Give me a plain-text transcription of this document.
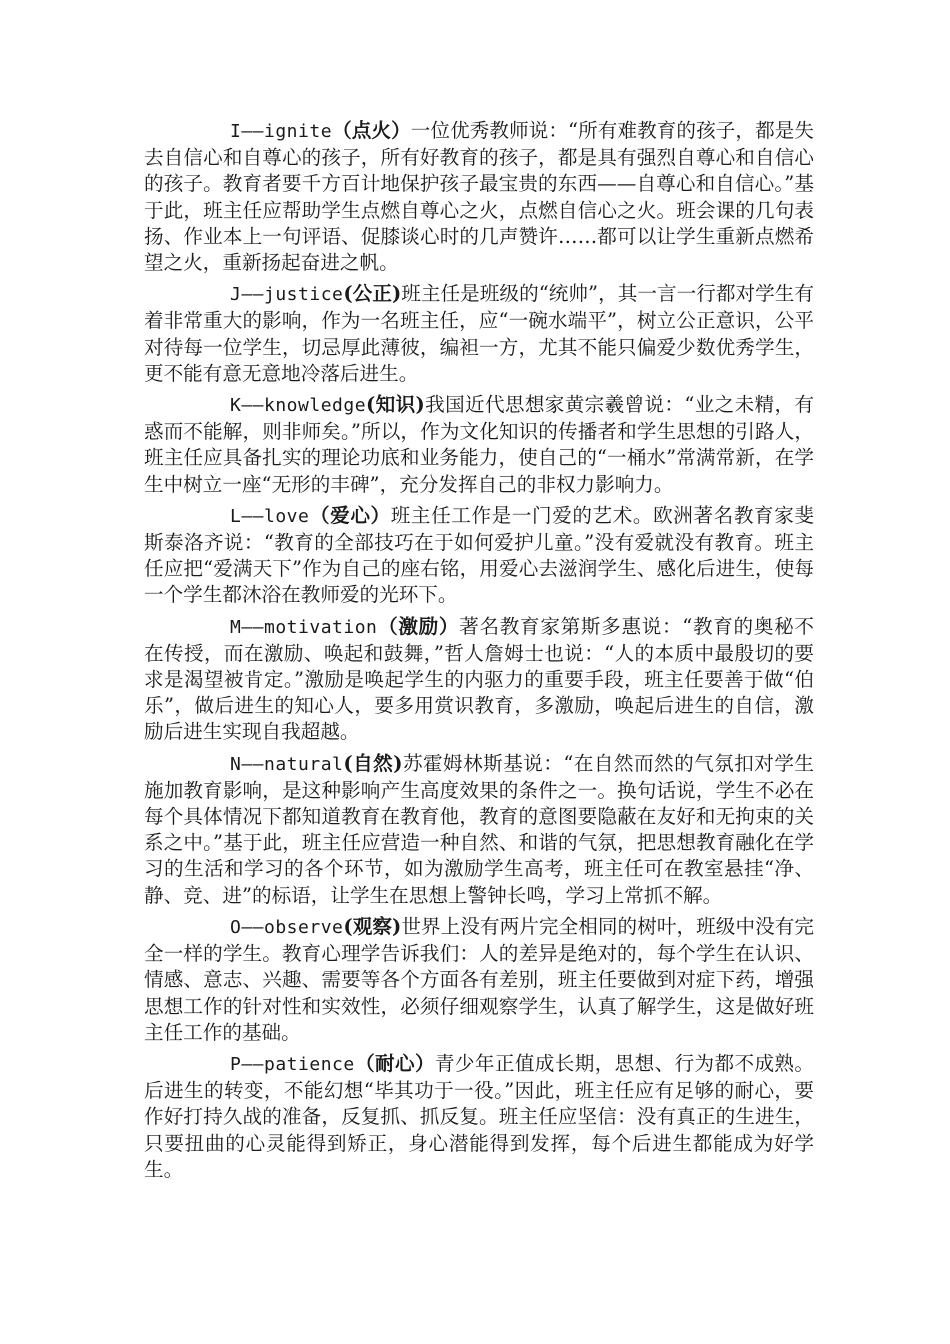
I——ignite（点火）一位优秀教师说：“所有难教育的孩子，都是失去自信心和自尊心的孩子，所有好教育的孩子，都是具有强烈自尊心和自信心的孩子。教育者要千方百计地保护孩子最宝贵的东西——自尊心和自信心。”基于此，班主任应帮助学生点燃自尊心之火，点燃自信心之火。班会课的几句表扬、作业本上一句评语、促膝谈心时的几声赞许……都可以让学生重新点燃希望之火，重新扬起奋进之帆。

J——justice(公正)班主任是班级的“统帅”，其一言一行都对学生有着非常重大的影响，作为一名班主任，应“一碗水端平”，树立公正意识，公平对待每一位学生，切忌厚此薄彼，编袒一方，尤其不能只偏爱少数优秀学生，更不能有意无意地冷落后进生。

K——knowledge(知识)我国近代思想家黄宗羲曾说：“业之未精，有惑而不能解，则非师矣。”所以，作为文化知识的传播者和学生思想的引路人，班主任应具备扎实的理论功底和业务能力，使自己的“一桶水”常满常新，在学生中树立一座“无形的丰碑”，充分发挥自己的非权力影响力。

L——love（爱心）班主任工作是一门爱的艺术。欧洲著名教育家斐斯泰洛齐说：“教育的全部技巧在于如何爱护儿童。”没有爱就没有教育。班主任应把“爱满天下”作为自己的座右铭，用爱心去滋润学生、感化后进生，使每一个学生都沐浴在教师爱的光环下。

M——motivation（激励）著名教育家第斯多惠说：“教育的奥秘不在传授，而在激励、唤起和鼓舞，”哲人詹姆士也说：“人的本质中最殷切的要求是渴望被肯定。”激励是唤起学生的内驱力的重要手段，班主任要善于做“伯乐”，做后进生的知心人，要多用赏识教育，多激励，唤起后进生的自信，激励后进生实现自我超越。

N——natural(自然)苏霍姆林斯基说：“在自然而然的气氛扣对学生施加教育影响，是这种影响产生高度效果的条件之一。换句话说，学生不必在每个具体情况下都知道教育在教育他，教育的意图要隐蔽在友好和无拘束的关系之中。”基于此，班主任应营造一种自然、和谐的气氛，把思想教育融化在学习的生活和学习的各个环节，如为激励学生高考，班主任可在教室悬挂“净、静、竞、进”的标语，让学生在思想上警钟长鸣，学习上常抓不解。

O——observe(观察)世界上没有两片完全相同的树叶，班级中没有完全一样的学生。教育心理学告诉我们：人的差异是绝对的，每个学生在认识、情感、意志、兴趣、需要等各个方面各有差别，班主任要做到对症下药，增强思想工作的针对性和实效性，必须仔细观察学生，认真了解学生，这是做好班主任工作的基础。

P——patience（耐心）青少年正值成长期，思想、行为都不成熟。后进生的转变，不能幻想“毕其功于一役。”因此，班主任应有足够的耐心，要作好打持久战的准备，反复抓、抓反复。班主任应坚信：没有真正的生进生，只要扭曲的心灵能得到矫正，身心潜能得到发挥，每个后进生都能成为好学生。
